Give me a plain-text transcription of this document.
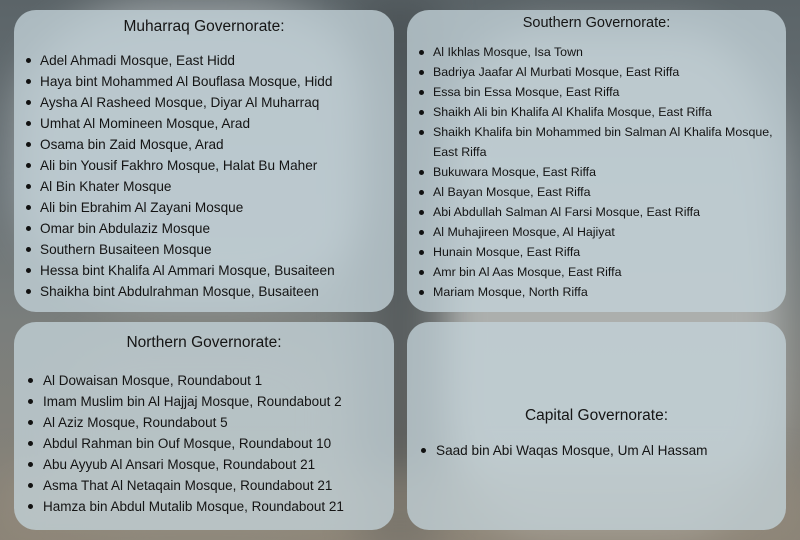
Muharraq Governorate:
Adel Ahmadi Mosque, East Hidd
Haya bint Mohammed Al Bouflasa Mosque, Hidd
Aysha Al Rasheed Mosque, Diyar Al Muharraq
Umhat Al Momineen Mosque, Arad
Osama bin Zaid Mosque, Arad
Ali bin Yousif Fakhro Mosque, Halat Bu Maher
Al Bin Khater Mosque
Ali bin Ebrahim Al Zayani Mosque
Omar bin Abdulaziz Mosque
Southern Busaiteen Mosque
Hessa bint Khalifa Al Ammari Mosque, Busaiteen
Shaikha bint Abdulrahman Mosque, Busaiteen
Southern Governorate:
Al Ikhlas Mosque, Isa Town
Badriya Jaafar Al Murbati Mosque, East Riffa
Essa bin Essa Mosque, East Riffa
Shaikh Ali bin Khalifa Al Khalifa Mosque, East Riffa
Shaikh Khalifa bin Mohammed bin Salman Al Khalifa Mosque, East Riffa
Bukuwara Mosque, East Riffa
Al Bayan Mosque, East Riffa
Abi Abdullah Salman Al Farsi Mosque, East Riffa
Al Muhajireen Mosque, Al Hajiyat
Hunain Mosque, East Riffa
Amr bin Al Aas Mosque, East Riffa
Mariam Mosque, North Riffa
Northern Governorate:
Al Dowaisan Mosque, Roundabout 1
Imam Muslim bin Al Hajjaj Mosque, Roundabout 2
Al Aziz Mosque, Roundabout 5
Abdul Rahman bin Ouf Mosque, Roundabout 10
Abu Ayyub Al Ansari Mosque, Roundabout 21
Asma That Al Netaqain Mosque, Roundabout 21
Hamza bin Abdul Mutalib Mosque, Roundabout 21
Capital Governorate:
Saad bin Abi Waqas Mosque, Um Al Hassam
